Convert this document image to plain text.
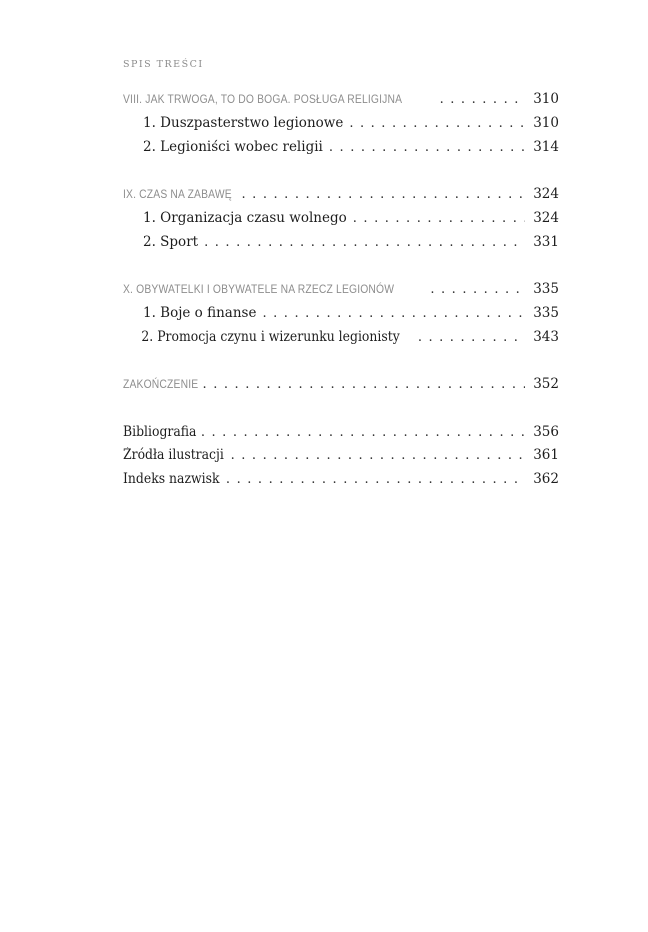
SPIS TREŚCI
VIII. JAK TRWOGA, TO DO BOGA. POSŁUGA RELIGIJNA . . .	310
1. Duszpasterstwo legionowe . . .	310
2. Legioniści wobec religii . . .	314
IX. CZAS NA ZABAWĘ . . .	324
1. Organizacja czasu wolnego . . .	324
2. Sport . . .	331
X. OBYWATELKI I OBYWATELE NA RZECZ LEGIONÓW . . .	335
1. Boje o finanse . . .	335
2. Promocja czynu i wizerunku legionisty . . .	343
ZAKOŃCZENIE . . .	352
Bibliografia . . .	356
Źródła ilustracji . . .	361
Indeks nazwisk . . .	362
